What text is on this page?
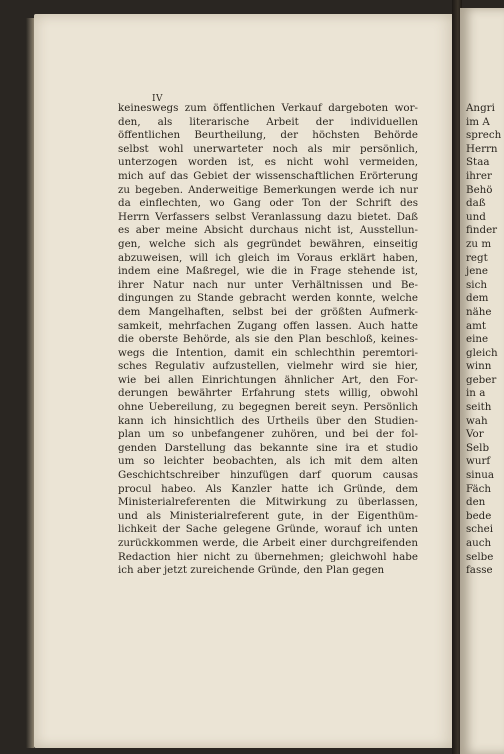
IV
keineswegs zum öffentlichen Verkauf dargeboten wor-
den, als literarische Arbeit der individuellen
öffentlichen Beurtheilung, der höchsten Behörde
selbst wohl unerwarteter noch als mir persönlich,
unterzogen worden ist, es nicht wohl vermeiden,
mich auf das Gebiet der wissenschaftlichen Erörterung
zu begeben. Anderweitige Bemerkungen werde ich nur
da einflechten, wo Gang oder Ton der Schrift des
Herrn Verfassers selbst Veranlassung dazu bietet. Daß
es aber meine Absicht durchaus nicht ist, Ausstellun-
gen, welche sich als gegründet bewähren, einseitig
abzuweisen, will ich gleich im Voraus erklärt haben,
indem eine Maßregel, wie die in Frage stehende ist,
ihrer Natur nach nur unter Verhältnissen und Be-
dingungen zu Stande gebracht werden konnte, welche
dem Mangelhaften, selbst bei der größten Aufmerk-
samkeit, mehrfachen Zugang offen lassen. Auch hatte
die oberste Behörde, als sie den Plan beschloß, keines-
wegs die Intention, damit ein schlechthin peremtori-
sches Regulativ aufzustellen, vielmehr wird sie hier,
wie bei allen Einrichtungen ähnlicher Art, den For-
derungen bewährter Erfahrung stets willig, obwohl
ohne Uebereilung, zu begegnen bereit seyn. Persönlich
kann ich hinsichtlich des Urtheils über den Studien-
plan um so unbefangener zuhören, und bei der fol-
genden Darstellung das bekannte sine ira et studio
um so leichter beobachten, als ich mit dem alten
Geschichtschreiber hinzufügen darf quorum causas
procul habeo. Als Kanzler hatte ich Gründe, dem
Ministerialreferenten die Mitwirkung zu überlassen,
und als Ministerialreferent gute, in der Eigenthüm-
lichkeit der Sache gelegene Gründe, worauf ich unten
zurückkommen werde, die Arbeit einer durchgreifenden
Redaction hier nicht zu übernehmen; gleichwohl habe
ich aber jetzt zureichende Gründe, den Plan gegen
Angri
im A
sprech
Herrn
Staa
ihrer
Behö
daß
und
finder
zu m
regt
jene
sich
dem
nähe
amt
eine
gleich
winn
geber
in a
seith
wah
Vor
Selb
wurf
sinua
Fäch
den
bede
schei
auch
selbe
fasse
